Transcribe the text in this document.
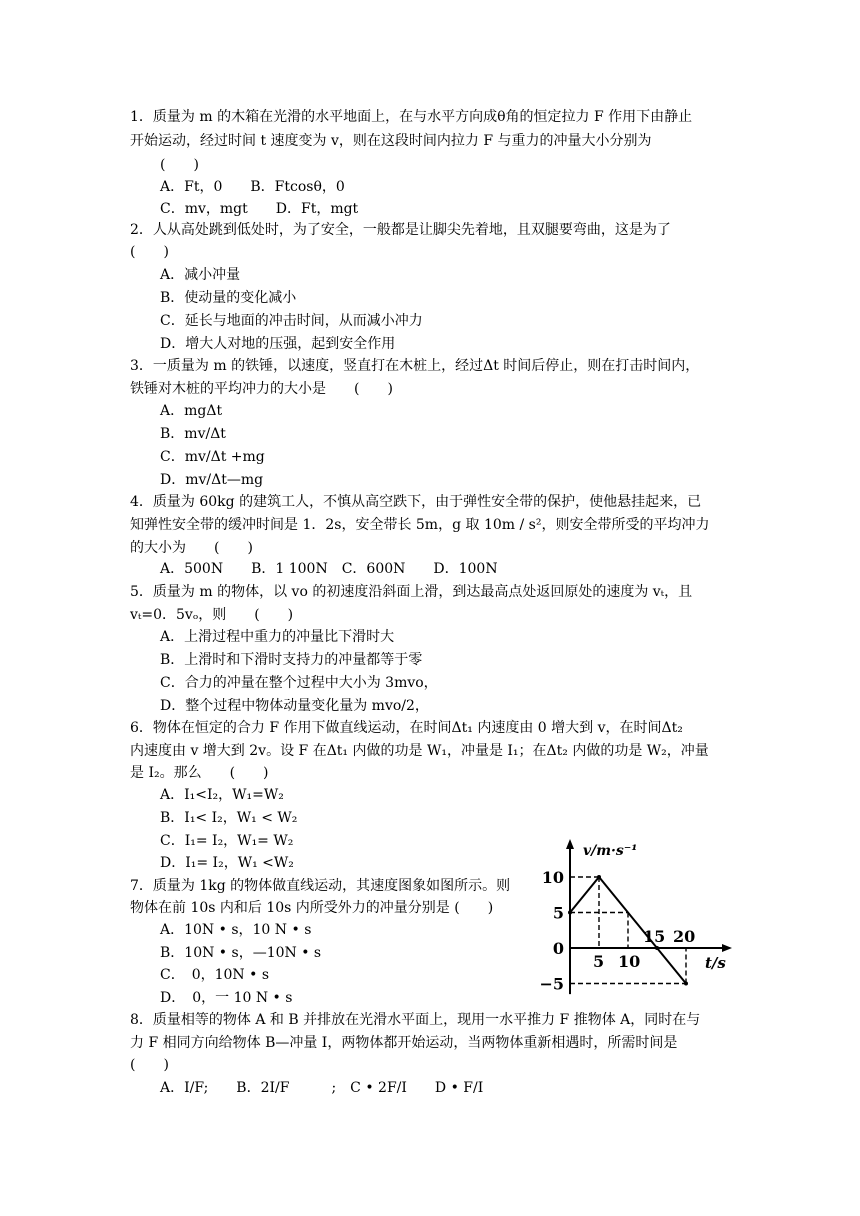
1．质量为 m 的木箱在光滑的水平地面上，在与水平方向成θ角的恒定拉力 F 作用下由静止
开始运动，经过时间 t 速度变为 v，则在这段时间内拉力 F 与重力的冲量大小分别为
(　　)
A．Ft，0　　B．Ftcosθ，0
C．mv，mgt　　D．Ft，mgt
2．人从高处跳到低处时，为了安全，一般都是让脚尖先着地，且双腿要弯曲，这是为了
(　　)
A．减小冲量
B．使动量的变化减小
C．延长与地面的冲击时间，从而减小冲力
D．增大人对地的压强，起到安全作用
3．一质量为 m 的铁锤，以速度，竖直打在木桩上，经过Δt 时间后停止，则在打击时间内，
铁锤对木桩的平均冲力的大小是　　(　　)
A．mgΔt
B．mv/Δt
C．mv/Δt +mg
D．mv/Δt—mg
4．质量为 60kg 的建筑工人，不慎从高空跌下，由于弹性安全带的保护，使他悬挂起来，已
知弹性安全带的缓冲时间是 1．2s，安全带长 5m，g 取 10m / s²，则安全带所受的平均冲力
的大小为　　(　　)
A．500N　　B．1 100N　C．600N　　D．100N
5．质量为 m 的物体，以 vo 的初速度沿斜面上滑，到达最高点处返回原处的速度为 vₜ，且
vₜ=0．5vₒ，则　　(　　)
A．上滑过程中重力的冲量比下滑时大
B．上滑时和下滑时支持力的冲量都等于零
C．合力的冲量在整个过程中大小为 3mvo，
D．整个过程中物体动量变化量为 mvo/2，
6．物体在恒定的合力 F 作用下做直线运动，在时间Δt₁ 内速度由 0 增大到 v，在时间Δt₂
内速度由 v 增大到 2v。设 F 在Δt₁ 内做的功是 W₁，冲量是 I₁；在Δt₂ 内做的功是 W₂，冲量
是 I₂。那么　　(　　)
A．I₁<I₂，W₁=W₂
B．I₁< I₂，W₁ < W₂
C．I₁= I₂，W₁= W₂
D．I₁= I₂，W₁ <W₂
7．质量为 1kg 的物体做直线运动，其速度图象如图所示。则
物体在前 10s 内和后 10s 内所受外力的冲量分别是 (　　)
A．10N • s，10 N • s
B．10N • s，—10N • s
C．　0，10N • s
D．　0，一 10 N • s
5 10
15 20
10
5
0
−5
v/m·s⁻¹
t/s
8．质量相等的物体 A 和 B 并排放在光滑水平面上，现用一水平推力 F 推物体 A，同时在与
力 F 相同方向给物体 B—冲量 I，两物体都开始运动，当两物体重新相遇时，所需时间是
(　　)
A．I/F;　　B．2I/F　　　;　C • 2F/I　　D • F/I
